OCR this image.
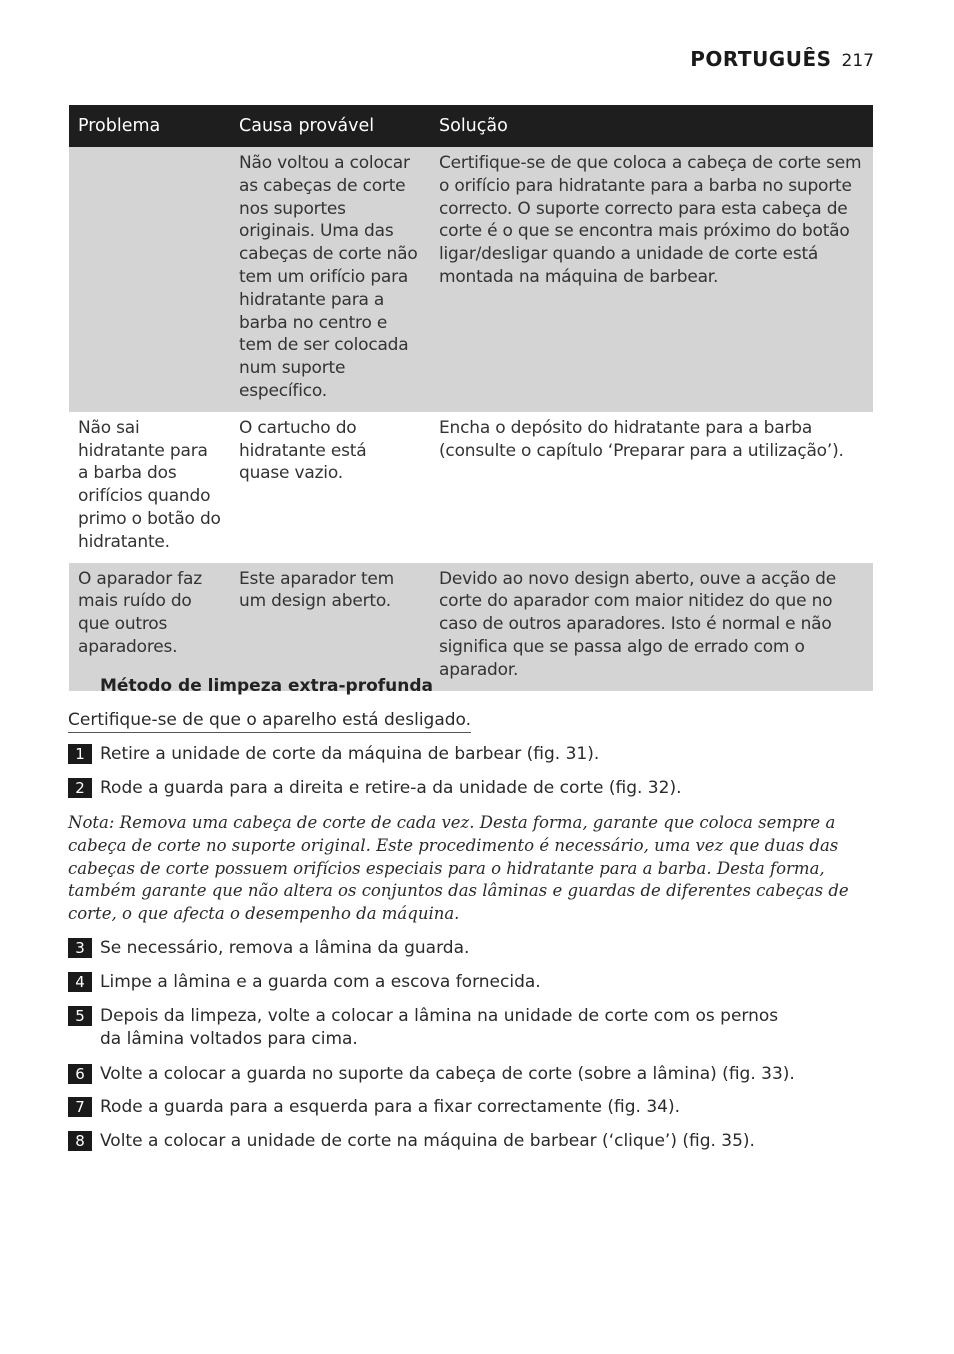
PORTUGUÊS 217
Problema	Causa provável	Solução
	Não voltou a colocar as cabeças de corte nos suportes originais. Uma das cabeças de corte não tem um orifício para hidratante para a barba no centro e tem de ser colocada num suporte específico.	Certifique-se de que coloca a cabeça de corte sem o orifício para hidratante para a barba no suporte correcto. O suporte correcto para esta cabeça de corte é o que se encontra mais próximo do botão ligar/desligar quando a unidade de corte está montada na máquina de barbear.
Não sai hidratante para a barba dos orifícios quando primo o botão do hidratante.	O cartucho do hidratante está quase vazio.	Encha o depósito do hidratante para a barba (consulte o capítulo ‘Preparar para a utilização’).
O aparador faz mais ruído do que outros aparadores.	Este aparador tem um design aberto.	Devido ao novo design aberto, ouve a acção de corte do aparador com maior nitidez do que no caso de outros aparadores. Isto é normal e não significa que se passa algo de errado com o aparador.
Método de limpeza extra-profunda
Certifique-se de que o aparelho está desligado.
1 Retire a unidade de corte da máquina de barbear (fig. 31).
2 Rode a guarda para a direita e retire-a da unidade de corte (fig. 32).
Nota: Remova uma cabeça de corte de cada vez. Desta forma, garante que coloca sempre a cabeça de corte no suporte original. Este procedimento é necessário, uma vez que duas das cabeças de corte possuem orifícios especiais para o hidratante para a barba. Desta forma, também garante que não altera os conjuntos das lâminas e guardas de diferentes cabeças de corte, o que afecta o desempenho da máquina.
3 Se necessário, remova a lâmina da guarda.
4 Limpe a lâmina e a guarda com a escova fornecida.
5 Depois da limpeza, volte a colocar a lâmina na unidade de corte com os pernos da lâmina voltados para cima.
6 Volte a colocar a guarda no suporte da cabeça de corte (sobre a lâmina) (fig. 33).
7 Rode a guarda para a esquerda para a fixar correctamente (fig. 34).
8 Volte a colocar a unidade de corte na máquina de barbear (‘clique’) (fig. 35).
